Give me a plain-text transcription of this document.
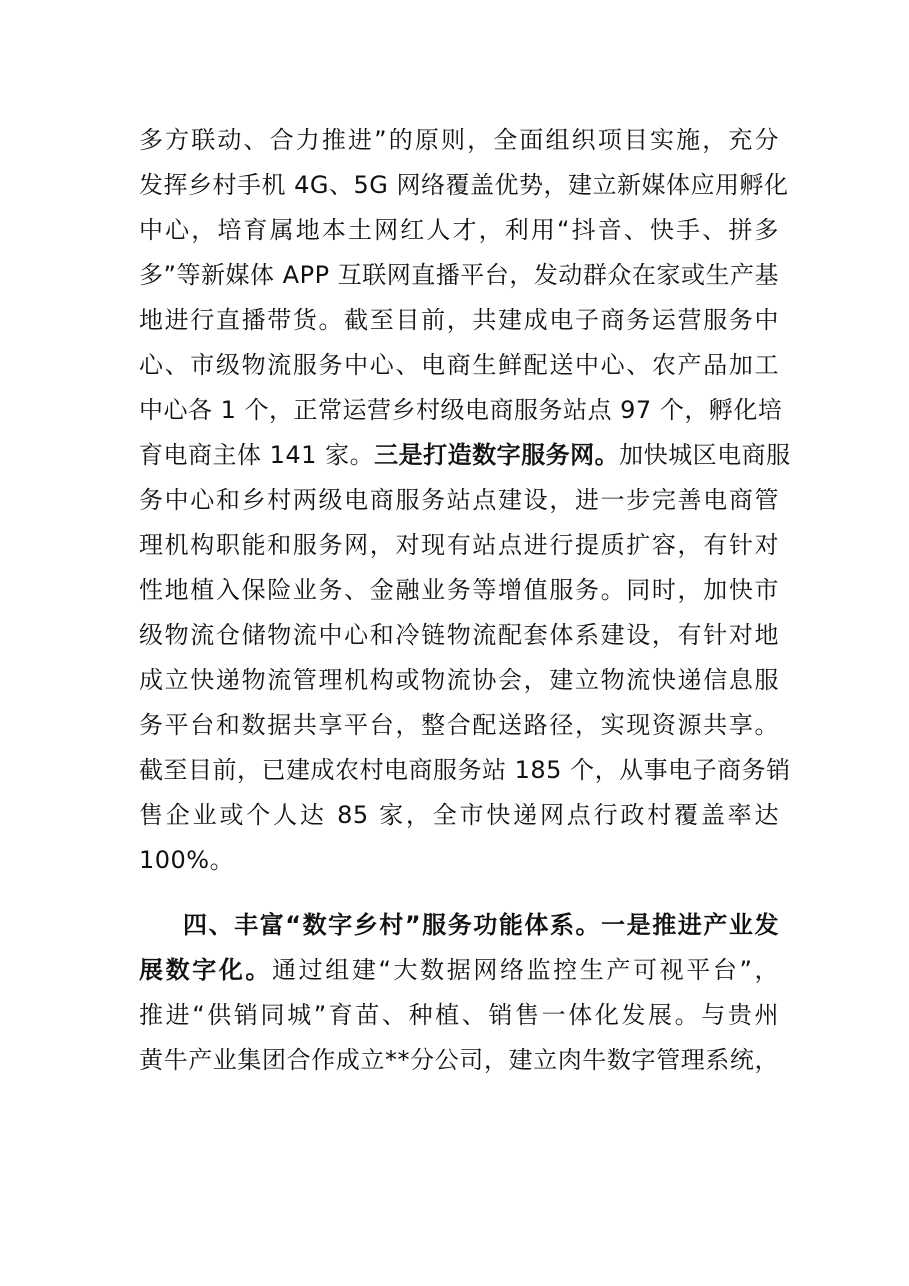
多方联动、合力推进”的原则，全面组织项目实施，充分
发挥乡村手机 4G、5G 网络覆盖优势，建立新媒体应用孵化
中心，培育属地本土网红人才，利用“抖音、快手、拼多
多”等新媒体 APP 互联网直播平台，发动群众在家或生产基
地进行直播带货。截至目前，共建成电子商务运营服务中
心、市级物流服务中心、电商生鲜配送中心、农产品加工
中心各 1 个，正常运营乡村级电商服务站点 97 个，孵化培
育电商主体 141 家。三是打造数字服务网。加快城区电商服
务中心和乡村两级电商服务站点建设，进一步完善电商管
理机构职能和服务网，对现有站点进行提质扩容，有针对
性地植入保险业务、金融业务等增值服务。同时，加快市
级物流仓储物流中心和冷链物流配套体系建设，有针对地
成立快递物流管理机构或物流协会，建立物流快递信息服
务平台和数据共享平台，整合配送路径，实现资源共享。
截至目前，已建成农村电商服务站 185 个，从事电子商务销
售企业或个人达 85 家，全市快递网点行政村覆盖率达
100%。
四、丰富“数字乡村”服务功能体系。一是推进产业发
展数字化。通过组建“大数据网络监控生产可视平台”，
推进“供销同城”育苗、种植、销售一体化发展。与贵州
黄牛产业集团合作成立**分公司，建立肉牛数字管理系统，
